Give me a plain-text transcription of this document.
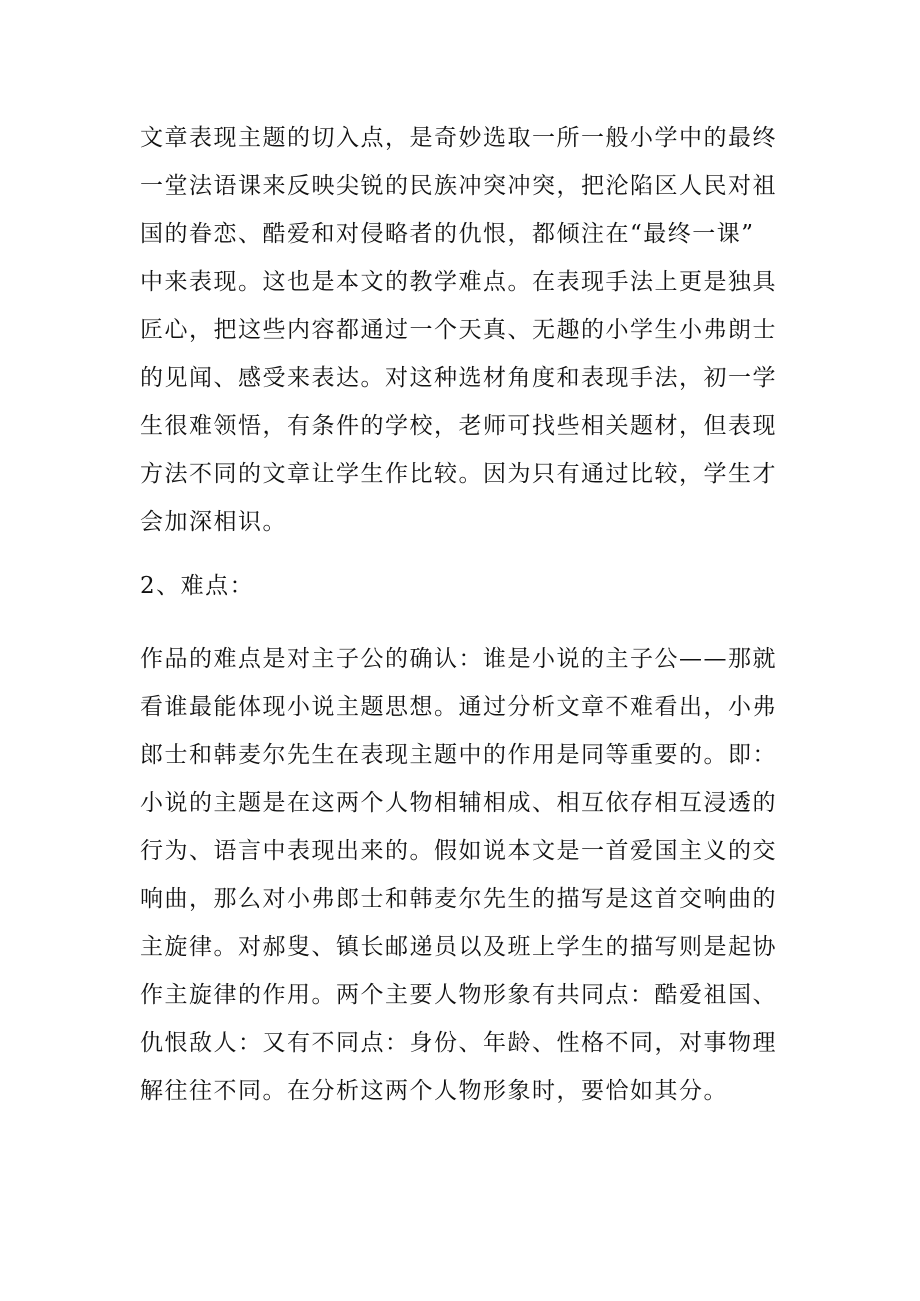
文章表现主题的切入点，是奇妙选取一所一般小学中的最终
一堂法语课来反映尖锐的民族冲突冲突，把沦陷区人民对祖
国的眷恋、酷爱和对侵略者的仇恨，都倾注在“最终一课”
中来表现。这也是本文的教学难点。在表现手法上更是独具
匠心，把这些内容都通过一个天真、无趣的小学生小弗朗士
的见闻、感受来表达。对这种选材角度和表现手法，初一学
生很难领悟，有条件的学校，老师可找些相关题材，但表现
方法不同的文章让学生作比较。因为只有通过比较，学生才
会加深相识。
2、难点：
作品的难点是对主子公的确认：谁是小说的主子公——那就
看谁最能体现小说主题思想。通过分析文章不难看出，小弗
郎士和韩麦尔先生在表现主题中的作用是同等重要的。即：
小说的主题是在这两个人物相辅相成、相互依存相互浸透的
行为、语言中表现出来的。假如说本文是一首爱国主义的交
响曲，那么对小弗郎士和韩麦尔先生的描写是这首交响曲的
主旋律。对郝叟、镇长邮递员以及班上学生的描写则是起协
作主旋律的作用。两个主要人物形象有共同点：酷爱祖国、
仇恨敌人：又有不同点：身份、年龄、性格不同，对事物理
解往往不同。在分析这两个人物形象时，要恰如其分。
